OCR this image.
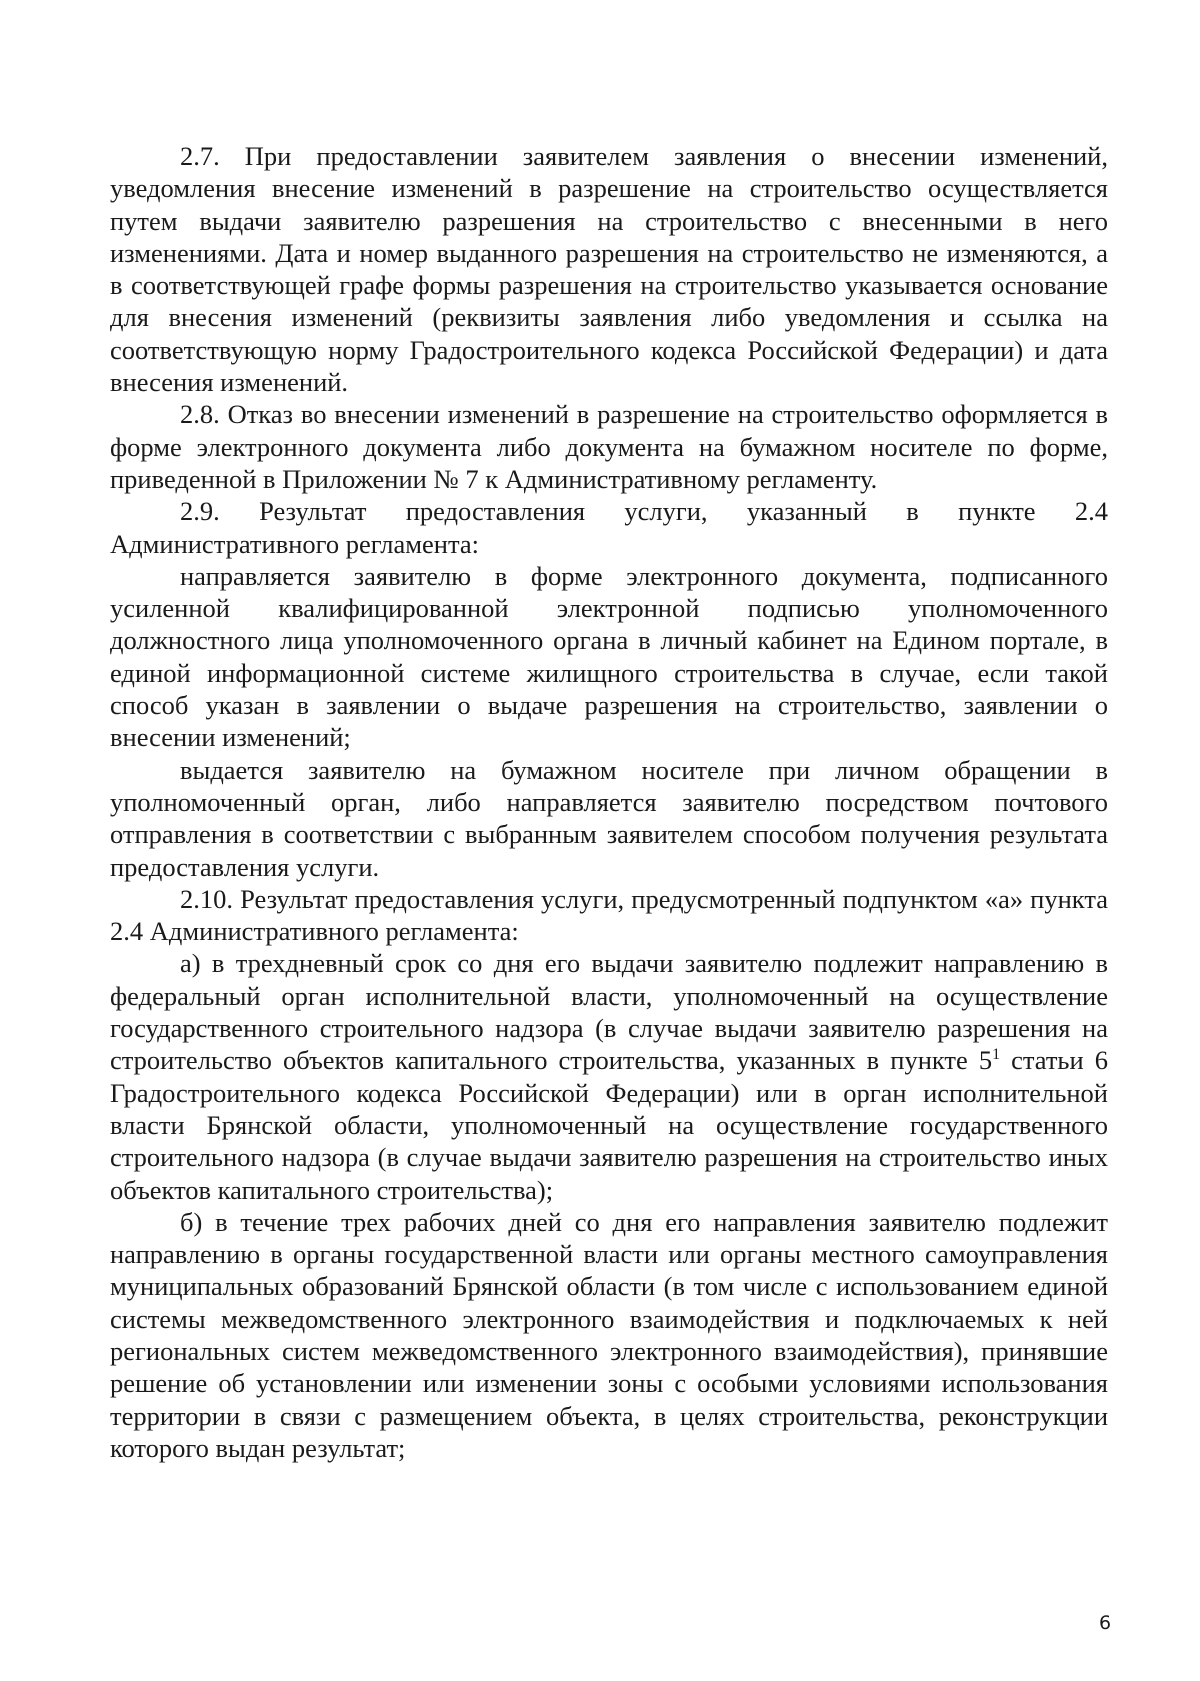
2.7. При предоставлении заявителем заявления о внесении изменений, уведомления внесение изменений в разрешение на строительство осуществляется путем выдачи заявителю разрешения на строительство с внесенными в него изменениями. Дата и номер выданного разрешения на строительство не изменяются, а в соответствующей графе формы разрешения на строительство указывается основание для внесения изменений (реквизиты заявления либо уведомления и ссылка на соответствующую норму Градостроительного кодекса Российской Федерации) и дата внесения изменений.

2.8. Отказ во внесении изменений в разрешение на строительство оформляется в форме электронного документа либо документа на бумажном носителе по форме, приведенной в Приложении № 7 к Административному регламенту.

2.9. Результат предоставления услуги, указанный в пункте 2.4 Административного регламента:

направляется заявителю в форме электронного документа, подписанного усиленной квалифицированной электронной подписью уполномоченного должностного лица уполномоченного органа в личный кабинет на Едином портале, в единой информационной системе жилищного строительства в случае, если такой способ указан в заявлении о выдаче разрешения на строительство, заявлении о внесении изменений;

выдается заявителю на бумажном носителе при личном обращении в уполномоченный орган, либо направляется заявителю посредством почтового отправления в соответствии с выбранным заявителем способом получения результата предоставления услуги.

2.10. Результат предоставления услуги, предусмотренный подпунктом «а» пункта 2.4 Административного регламента:

а) в трехдневный срок со дня его выдачи заявителю подлежит направлению в федеральный орган исполнительной власти, уполномоченный на осуществление государственного строительного надзора (в случае выдачи заявителю разрешения на строительство объектов капитального строительства, указанных в пункте $5^1$ статьи 6 Градостроительного кодекса Российской Федерации) или в орган исполнительной власти Брянской области, уполномоченный на осуществление государственного строительного надзора (в случае выдачи заявителю разрешения на строительство иных объектов капитального строительства);

б) в течение трех рабочих дней со дня его направления заявителю подлежит направлению в органы государственной власти или органы местного самоуправления муниципальных образований Брянской области (в том числе с использованием единой системы межведомственного электронного взаимодействия и подключаемых к ней региональных систем межведомственного электронного взаимодействия), принявшие решение об установлении или изменении зоны с особыми условиями использования территории в связи с размещением объекта, в целях строительства, реконструкции которого выдан результат;

6
